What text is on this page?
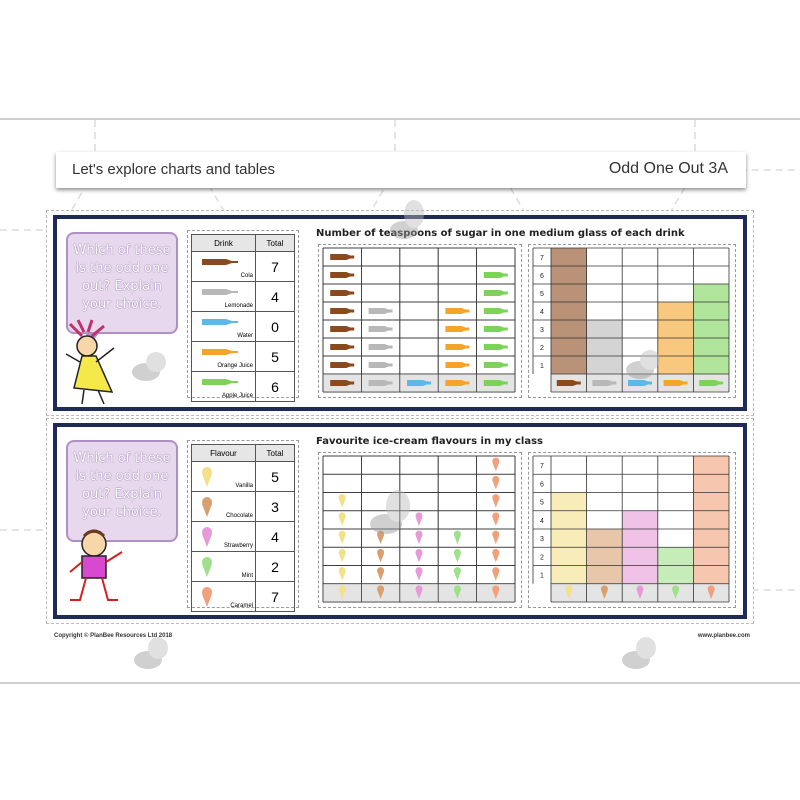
Let's explore charts and tables	Odd One Out 3A
Which of these
is the odd one
out? Explain
your choice.
Drink	Total

Cola	7

Lemonade	4

Water	0

Orange Juice	5

Apple Juice	6
Number of teaspoons of sugar in one medium glass of each drink
1
2
3
4
5
6
7
Which of these
is the odd one
out? Explain
your choice.
Flavour	Total

Vanilla	5

Chocolate	3

Strawberry	4

Mint	2

Caramel	7
Favourite ice-cream flavours in my class
1
2
3
4
5
6
7
Copyright © PlanBee Resources Ltd 2018	www.planbee.com
